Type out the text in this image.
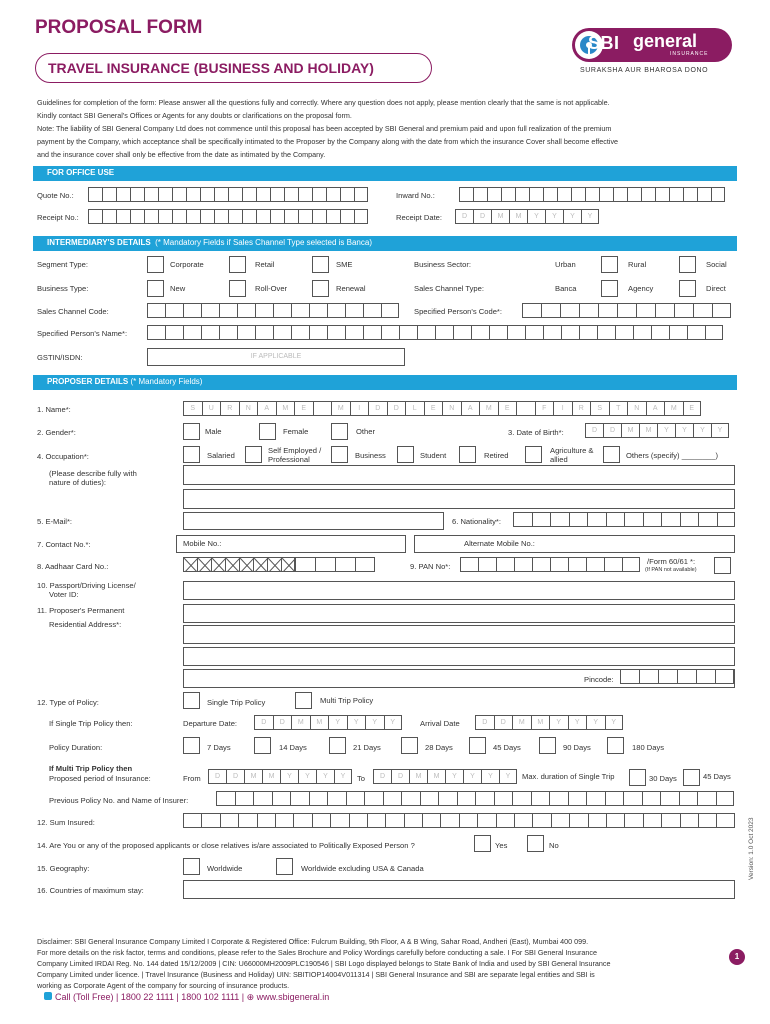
PROPOSAL FORM
TRAVEL INSURANCE (BUSINESS AND HOLIDAY)
SBI general
INSURANCE
SURAKSHA AUR BHAROSA DONO
Guidelines for completion of the form: Please answer all the questions fully and correctly. Where any question does not apply, please mention clearly that the same is not applicable.
Kindly contact SBI General's Offices or Agents for any doubts or clarifications on the proposal form.
Note: The liability of SBI General Company Ltd does not commence until this proposal has been accepted by SBI General and premium paid and upon full realization of the premium
payment by the Company, which acceptance shall be specifically intimated to the Proposer by the Company along with the date from which the insurance Cover shall become effective
and the insurance cover shall only be effective from the date as intimated by the Company.
FOR OFFICE USE
Quote No.:	Inward No.:
Receipt No.:	Receipt Date:	D	D	M	M	Y	Y	Y	Y
INTERMEDIARY'S DETAILS (* Mandatory Fields if Sales Channel Type selected is Banca)
Segment Type:	Corporate	Retail	SME	Business Sector:	Urban	Rural	Social
Business Type:	New	Roll-Over	Renewal	Sales Channel Type:	Banca	Agency	Direct
Sales Channel Code:	Specified Person's Code*:
Specified Person's Name*:
GSTIN/ISDN:	IF APPLICABLE
PROPOSER DETAILS (* Mandatory Fields)
1. Name*:	S	U	R	N	A	M	E	M	I	D	D	L	E	N	A	M	E	F	I	R	S	T	N	A	M	E
2. Gender*:	Male	Female	Other	3. Date of Birth*:	D	D	M	M	Y	Y	Y	Y
4. Occupation*:	Salaried
Self Employed /
Professional	Business	Student	Retired
Agriculture &
allied	Others (specify) ________)
(Please describe fully with
nature of duties):
5. E-Mail*:	6. Nationality*:
7. Contact No.*:	Mobile No.:	Alternate Mobile No.:
8. Aadhaar Card No.:	9. PAN No*:
/Form 60/61 *:
(If PAN not available)
10. Passport/Driving License/
Voter ID:
11. Proposer's Permanent
Residential Address*:
Pincode:
12. Type of Policy:	Single Trip Policy	Multi Trip Policy
If Single Trip Policy then:	Departure Date:	D	D	M	M	Y	Y	Y	Y	Arrival Date	D	D	M	M	Y	Y	Y	Y
Policy Duration:	7 Days	14 Days	21 Days	28 Days	45 Days	90 Days	180 Days
If Multi Trip Policy then
Proposed period of Insurance:	From	D	D	M	M	Y	Y	Y	Y	To	D	D	M	M	Y	Y	Y	Y	Max. duration of Single Trip	30 Days	45 Days
Previous Policy No. and Name of Insurer:
12. Sum Insured:
14. Are You or any of the proposed applicants or close relatives is/are associated to Politically Exposed Person ?	Yes	No
15. Geography:	Worldwide	Worldwide excluding USA & Canada
16. Countries of maximum stay:
Disclaimer: SBI General Insurance Company Limited I Corporate & Registered Office: Fulcrum Building, 9th Floor, A & B Wing, Sahar Road, Andheri (East), Mumbai 400 099.
For more details on the risk factor, terms and conditions, please refer to the Sales Brochure and Policy Wordings carefully before conducting a sale. I For SBI General Insurance
Company Limited IRDAI Reg. No. 144 dated 15/12/2009 | CIN: U66000MH2009PLC190546 | SBI Logo displayed belongs to State Bank of India and used by SBI General Insurance
Company Limited under licence. | Travel Insurance (Business and Holiday) UIN: SBITIOP14004V011314 | SBI General Insurance and SBI are separate legal entities and SBI is
working as Corporate Agent of the company for sourcing of insurance products.
Call (Toll Free) | 1800 22 1111 | 1800 102 1111 | ⊕ www.sbigeneral.in
Version: 1.0 Oct 2023
1
